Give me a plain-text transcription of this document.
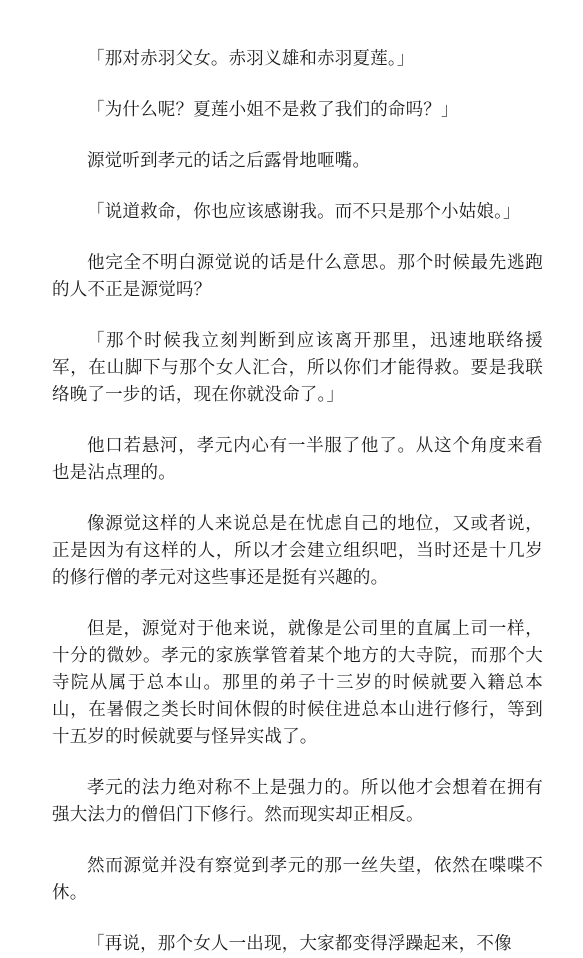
「那对赤羽父女。赤羽义雄和赤羽夏莲。」

「为什么呢？夏莲小姐不是救了我们的命吗？」

源觉听到孝元的话之后露骨地咂嘴。

「说道救命，你也应该感谢我。而不只是那个小姑娘。」

他完全不明白源觉说的话是什么意思。那个时候最先逃跑的人不正是源觉吗？

「那个时候我立刻判断到应该离开那里，迅速地联络援军，在山脚下与那个女人汇合，所以你们才能得救。要是我联络晚了一步的话，现在你就没命了。」

他口若悬河，孝元内心有一半服了他了。从这个角度来看也是沾点理的。

像源觉这样的人来说总是在忧虑自己的地位，又或者说，正是因为有这样的人，所以才会建立组织吧，当时还是十几岁的修行僧的孝元对这些事还是挺有兴趣的。

但是，源觉对于他来说，就像是公司里的直属上司一样，十分的微妙。孝元的家族掌管着某个地方的大寺院，而那个大寺院从属于总本山。那里的弟子十三岁的时候就要入籍总本山，在暑假之类长时间休假的时候住进总本山进行修行，等到十五岁的时候就要与怪异实战了。

孝元的法力绝对称不上是强力的。所以他才会想着在拥有强大法力的僧侣门下修行。然而现实却正相反。

然而源觉并没有察觉到孝元的那一丝失望，依然在喋喋不休。

「再说，那个女人一出现，大家都变得浮躁起来，不像
